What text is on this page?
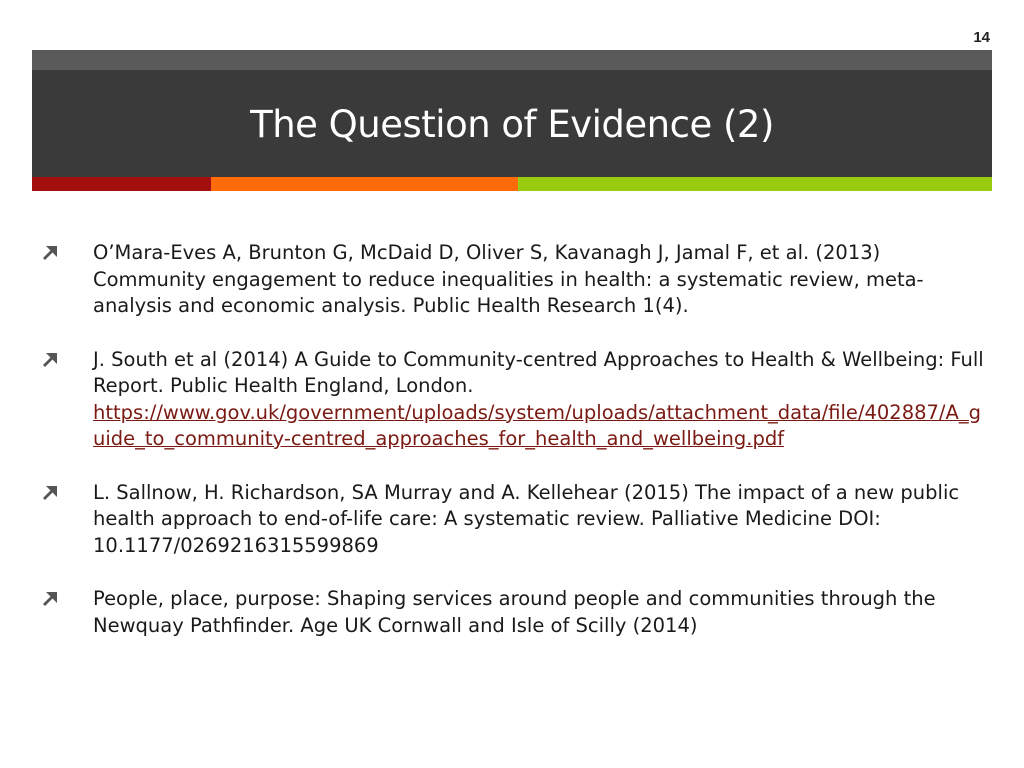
14
The Question of Evidence (2)
O’Mara-Eves A, Brunton G, McDaid D, Oliver S, Kavanagh J, Jamal F, et al. (2013) Community engagement to reduce inequalities in health: a systematic review, meta-analysis and economic analysis. Public Health Research 1(4).
J. South et al (2014) A Guide to Community-centred Approaches to Health & Wellbeing: Full Report. Public Health England, London.
https://www.gov.uk/government/uploads/system/uploads/attachment_data/file/402887/A_guide_to_community-centred_approaches_for_health_and_wellbeing.pdf
L. Sallnow, H. Richardson, SA Murray and A. Kellehear (2015) The impact of a new public health approach to end-of-life care: A systematic review. Palliative Medicine DOI: 10.1177/0269216315599869
People, place, purpose: Shaping services around people and communities through the Newquay Pathfinder. Age UK Cornwall and Isle of Scilly (2014)
